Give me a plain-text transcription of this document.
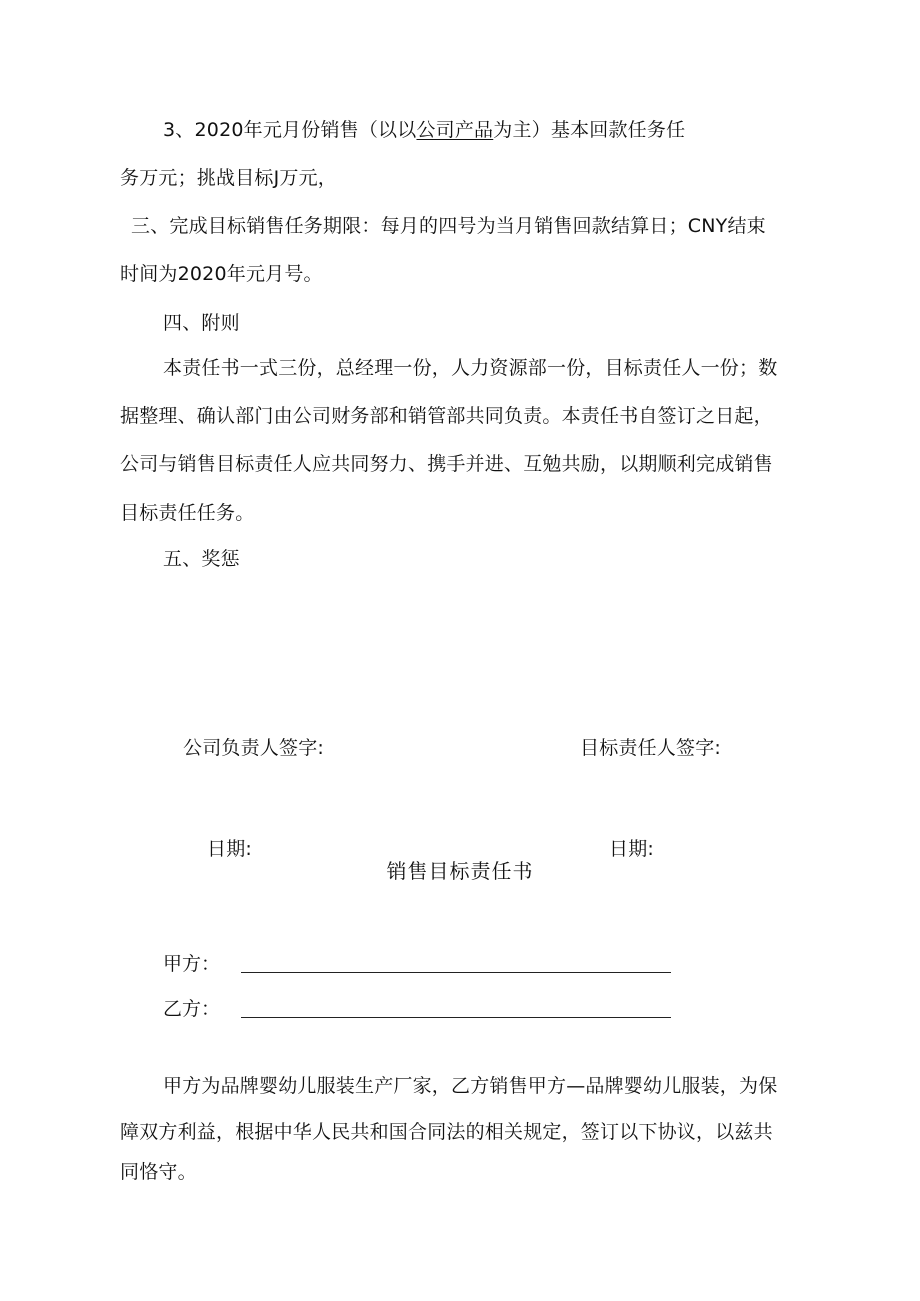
3、2020年元月份销售（以以公司产品为主）基本回款任务任
务万元；挑战目标J万元，
三、完成目标销售任务期限：每月的四号为当月销售回款结算日；CNY结束
时间为2020年元月号。
四、附则
本责任书一式三份，总经理一份，人力资源部一份，目标责任人一份；数
据整理、确认部门由公司财务部和销管部共同负责。本责任书自签订之日起，
公司与销售目标责任人应共同努力、携手并进、互勉共励，以期顺利完成销售
目标责任任务。
五、奖惩
公司负责人签字:	目标责任人签字:
日期:	日期:
销售目标责任书
甲方：
乙方：
甲方为品牌婴幼儿服装生产厂家，乙方销售甲方—品牌婴幼儿服装，为保
障双方利益，根据中华人民共和国合同法的相关规定，签订以下协议，以兹共
同恪守。
